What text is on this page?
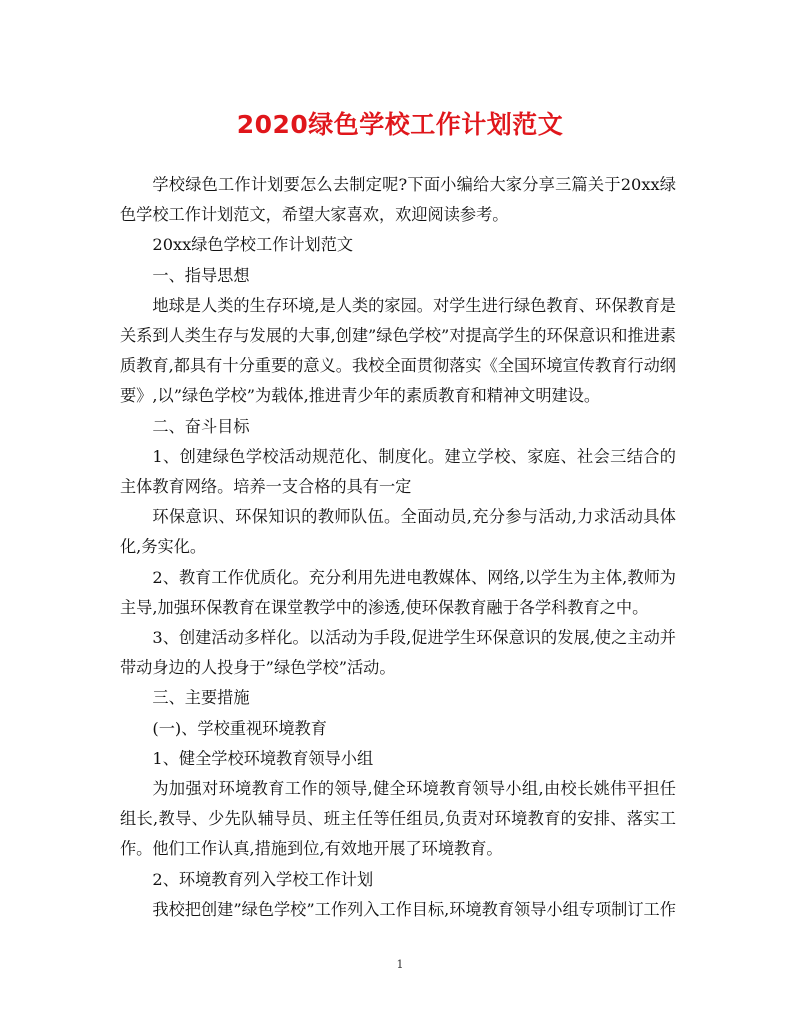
2020绿色学校工作计划范文

学校绿色工作计划要怎么去制定呢?下面小编给大家分享三篇关于20xx绿色学校工作计划范文，希望大家喜欢，欢迎阅读参考。

20xx绿色学校工作计划范文

一、指导思想

地球是人类的生存环境,是人类的家园。对学生进行绿色教育、环保教育是关系到人类生存与发展的大事,创建”绿色学校”对提高学生的环保意识和推进素质教育,都具有十分重要的意义。我校全面贯彻落实《全国环境宣传教育行动纲要》,以”绿色学校”为载体,推进青少年的素质教育和精神文明建设。

二、奋斗目标

1、创建绿色学校活动规范化、制度化。建立学校、家庭、社会三结合的主体教育网络。培养一支合格的具有一定

环保意识、环保知识的教师队伍。全面动员,充分参与活动,力求活动具体化,务实化。

2、教育工作优质化。充分利用先进电教媒体、网络,以学生为主体,教师为主导,加强环保教育在课堂教学中的渗透,使环保教育融于各学科教育之中。

3、创建活动多样化。以活动为手段,促进学生环保意识的发展,使之主动并带动身边的人投身于”绿色学校”活动。

三、主要措施

(一)、学校重视环境教育

1、健全学校环境教育领导小组

为加强对环境教育工作的领导,健全环境教育领导小组,由校长姚伟平担任组长,教导、少先队辅导员、班主任等任组员,负责对环境教育的安排、落实工作。他们工作认真,措施到位,有效地开展了环境教育。

2、环境教育列入学校工作计划

我校把创建”绿色学校”工作列入工作目标,环境教育领导小组专项制订工作

1
